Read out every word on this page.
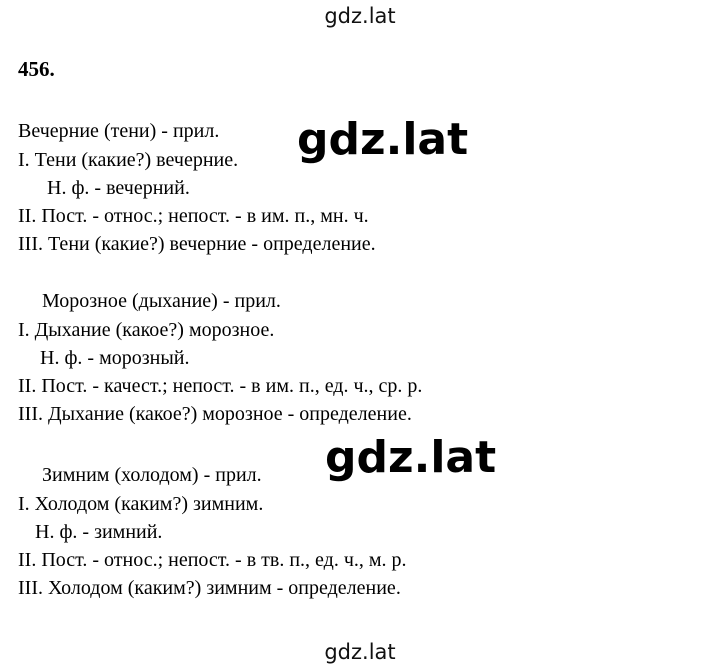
gdz.lat
456.
Вечерние (тени) - прил.
I. Тени (какие?) вечерние.
Н. ф. - вечерний.
II. Пост. - относ.; непост. - в им. п., мн. ч.
III. Тени (какие?) вечерние - определение.
Морозное (дыхание) - прил.
I. Дыхание (какое?) морозное.
Н. ф. - морозный.
II. Пост. - качест.; непост. - в им. п., ед. ч., ср. р.
III. Дыхание (какое?) морозное - определение.
Зимним (холодом) - прил.
I. Холодом (каким?) зимним.
Н. ф. - зимний.
II. Пост. - относ.; непост. - в тв. п., ед. ч., м. р.
III. Холодом (каким?) зимним - определение.
gdz.lat
gdz.lat
gdz.lat
